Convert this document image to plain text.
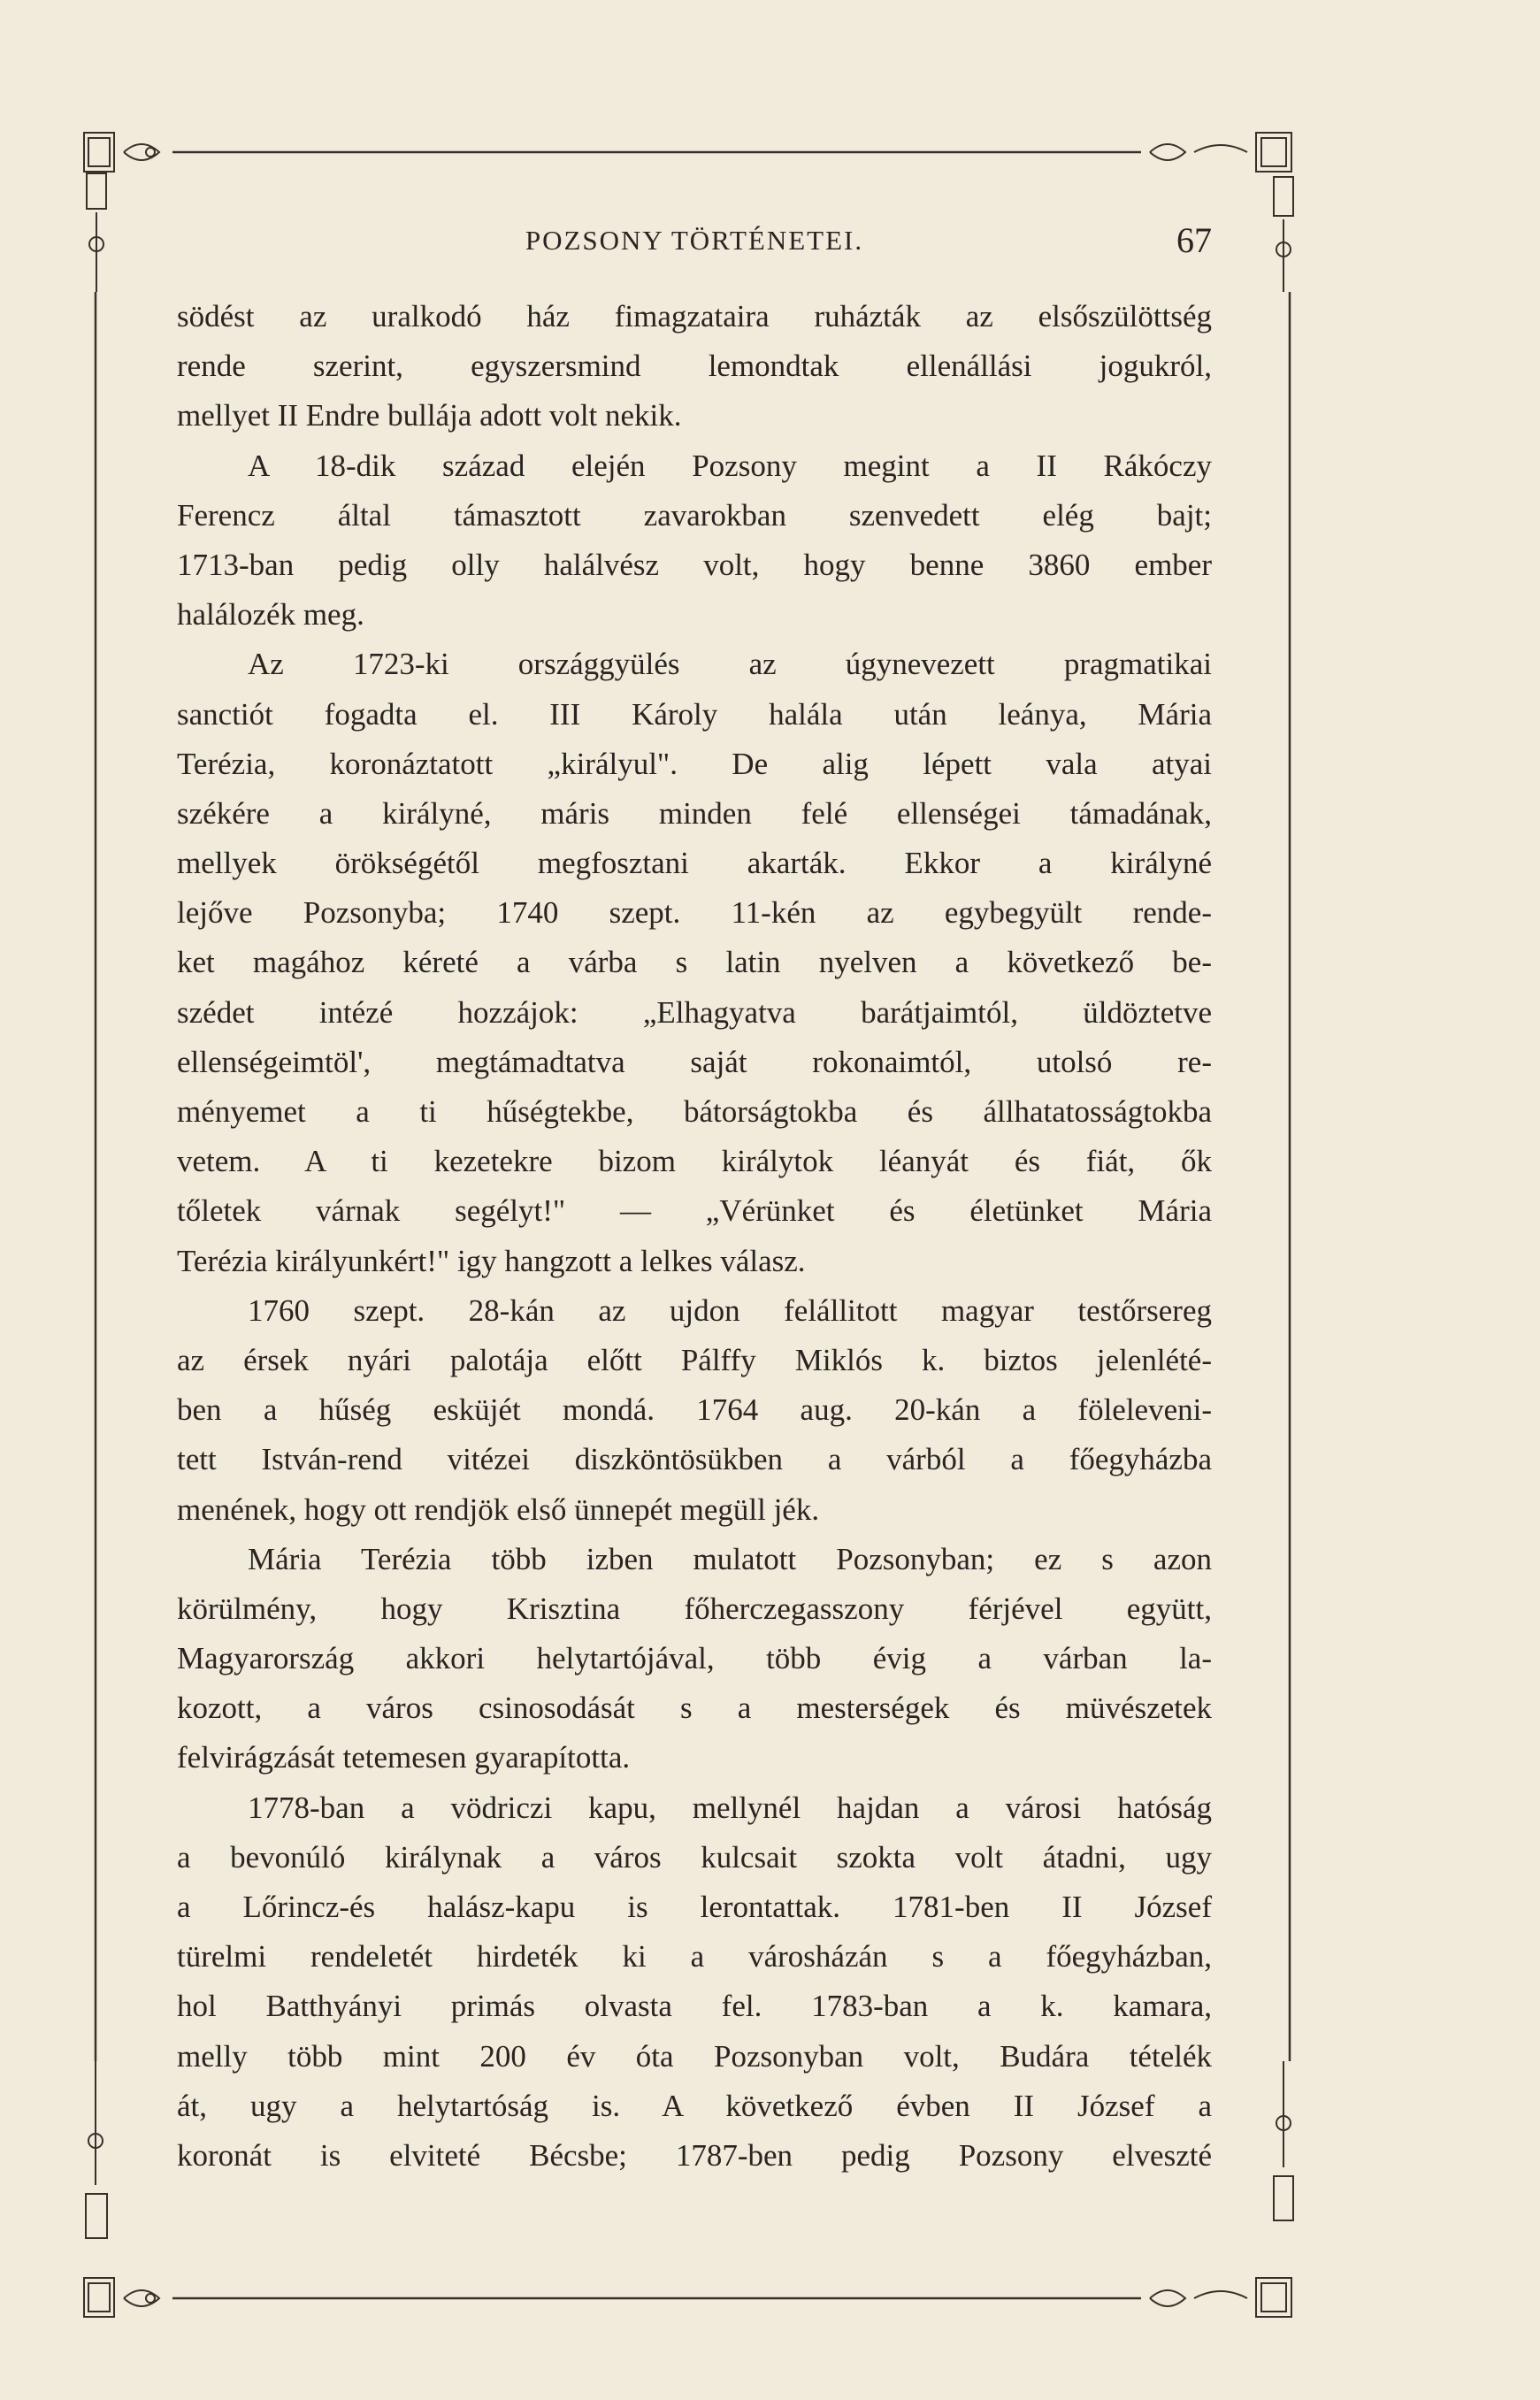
POZSONY TÖRTÉNETEI.	67
södést az uralkodó ház fimagzataira ruházták az elsőszülöttség
rende szerint, egyszersmind lemondtak ellenállási jogukról,
mellyet II Endre bullája adott volt nekik.
A 18-dik század elején Pozsony megint a II Rákóczy
Ferencz által támasztott zavarokban szenvedett elég bajt;
1713-ban pedig olly halálvész volt, hogy benne 3860 ember
halálozék meg.
Az 1723-ki országgyülés az úgynevezett pragmatikai
sanctiót fogadta el. III Károly halála után leánya, Mária
Terézia, koronáztatott „királyul". De alig lépett vala atyai
székére a királyné, máris minden felé ellenségei támadának,
mellyek örökségétől megfosztani akarták. Ekkor a királyné
lejőve Pozsonyba; 1740 szept. 11-kén az egybegyült rende-
ket magához kéreté a várba s latin nyelven a következő be-
szédet intézé hozzájok: „Elhagyatva barátjaimtól, üldöztetve
ellenségeimtöl', megtámadtatva saját rokonaimtól, utolsó re-
ményemet a ti hűségtekbe, bátorságtokba és állhatatosságtokba
vetem. A ti kezetekre bizom királytok léanyát és fiát, ők
tőletek várnak segélyt!" — „Vérünket és életünket Mária
Terézia királyunkért!" igy hangzott a lelkes válasz.
1760 szept. 28-kán az ujdon felállitott magyar testőrsereg
az érsek nyári palotája előtt Pálffy Miklós k. biztos jelenlété-
ben a hűség esküjét mondá. 1764 aug. 20-kán a föleleveni-
tett István-rend vitézei diszköntösükben a várból a főegyházba
menének, hogy ott rendjök első ünnepét megüll jék.
Mária Terézia több izben mulatott Pozsonyban; ez s azon
körülmény, hogy Krisztina főherczegasszony férjével együtt,
Magyarország akkori helytartójával, több évig a várban la-
kozott, a város csinosodását s a mesterségek és müvészetek
felvirágzását tetemesen gyarapította.
1778-ban a vödriczi kapu, mellynél hajdan a városi hatóság
a bevonúló királynak a város kulcsait szokta volt átadni, ugy
a Lőrincz-és halász-kapu is lerontattak. 1781-ben II József
türelmi rendeletét hirdeték ki a városházán s a főegyházban,
hol Batthyányi primás olvasta fel. 1783-ban a k. kamara,
melly több mint 200 év óta Pozsonyban volt, Budára tételék
át, ugy a helytartóság is. A következő évben II József a
koronát is elviteté Bécsbe; 1787-ben pedig Pozsony elveszté
